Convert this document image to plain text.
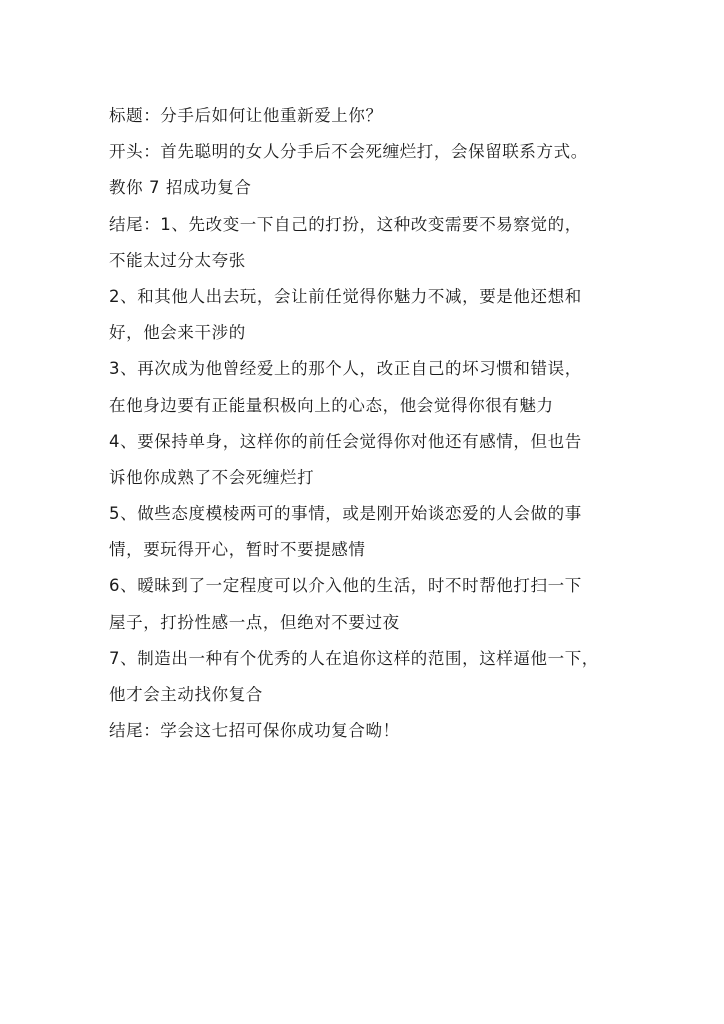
标题：分手后如何让他重新爱上你？
开头：首先聪明的女人分手后不会死缠烂打，会保留联系方式。
教你 7 招成功复合
结尾：1、先改变一下自己的打扮，这种改变需要不易察觉的，
不能太过分太夸张
2、和其他人出去玩，会让前任觉得你魅力不减，要是他还想和
好，他会来干涉的
3、再次成为他曾经爱上的那个人，改正自己的坏习惯和错误，
在他身边要有正能量积极向上的心态，他会觉得你很有魅力
4、要保持单身，这样你的前任会觉得你对他还有感情，但也告
诉他你成熟了不会死缠烂打
5、做些态度模棱两可的事情，或是刚开始谈恋爱的人会做的事
情，要玩得开心，暂时不要提感情
6、暧昧到了一定程度可以介入他的生活，时不时帮他打扫一下
屋子，打扮性感一点，但绝对不要过夜
7、制造出一种有个优秀的人在追你这样的范围，这样逼他一下，
他才会主动找你复合
结尾：学会这七招可保你成功复合呦！
